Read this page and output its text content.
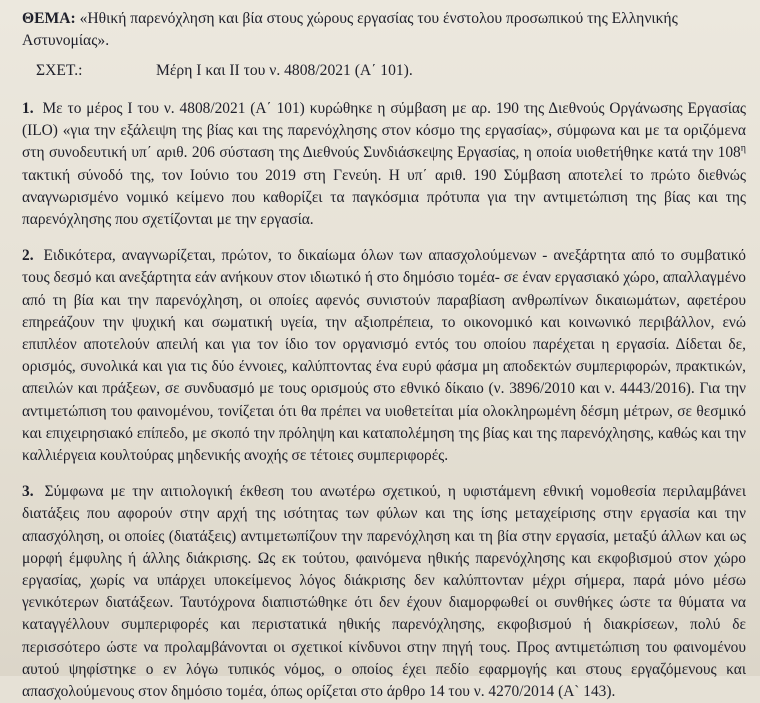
ΘΕΜΑ: «Ηθική παρενόχληση και βία στους χώρους εργασίας του ένστολου προσωπικού της Ελληνικής Αστυνομίας».

ΣΧΕΤ.:	Μέρη Ι και ΙΙ του ν. 4808/2021 (Α΄ 101).

1. Με το μέρος Ι του ν. 4808/2021 (Α΄ 101) κυρώθηκε η σύμβαση με αρ. 190 της Διεθνούς Οργάνωσης Εργασίας (ILO) «για την εξάλειψη της βίας και της παρενόχλησης στον κόσμο της εργασίας», σύμφωνα και με τα οριζόμενα στη συνοδευτική υπ΄ αριθ. 206 σύσταση της Διεθνούς Συνδιάσκεψης Εργασίας, η οποία υιοθετήθηκε κατά την $108^\eta$ τακτική σύνοδό της, τον Ιούνιο του 2019 στη Γενεύη. Η υπ΄ αριθ. 190 Σύμβαση αποτελεί το πρώτο διεθνώς αναγνωρισμένο νομικό κείμενο που καθορίζει τα παγκόσμια πρότυπα για την αντιμετώπιση της βίας και της παρενόχλησης που σχετίζονται με την εργασία.

2. Ειδικότερα, αναγνωρίζεται, πρώτον, το δικαίωμα όλων των απασχολούμενων - ανεξάρτητα από το συμβατικό τους δεσμό και ανεξάρτητα εάν ανήκουν στον ιδιωτικό ή στο δημόσιο τομέα- σε έναν εργασιακό χώρο, απαλλαγμένο από τη βία και την παρενόχληση, οι οποίες αφενός συνιστούν παραβίαση ανθρωπίνων δικαιωμάτων, αφετέρου επηρεάζουν την ψυχική και σωματική υγεία, την αξιοπρέπεια, το οικονομικό και κοινωνικό περιβάλλον, ενώ επιπλέον αποτελούν απειλή και για τον ίδιο τον οργανισμό εντός του οποίου παρέχεται η εργασία. Δίδεται δε, ορισμός, συνολικά και για τις δύο έννοιες, καλύπτοντας ένα ευρύ φάσμα μη αποδεκτών συμπεριφορών, πρακτικών, απειλών και πράξεων, σε συνδυασμό με τους ορισμούς στο εθνικό δίκαιο (ν. 3896/2010 και ν. 4443/2016). Για την αντιμετώπιση του φαινομένου, τονίζεται ότι θα πρέπει να υιοθετείται μία ολοκληρωμένη δέσμη μέτρων, σε θεσμικό και επιχειρησιακό επίπεδο, με σκοπό την πρόληψη και καταπολέμηση της βίας και της παρενόχλησης, καθώς και την καλλιέργεια κουλτούρας μηδενικής ανοχής σε τέτοιες συμπεριφορές.

3. Σύμφωνα με την αιτιολογική έκθεση του ανωτέρω σχετικού, η υφιστάμενη εθνική νομοθεσία περιλαμβάνει διατάξεις που αφορούν στην αρχή της ισότητας των φύλων και της ίσης μεταχείρισης στην εργασία και την απασχόληση, οι οποίες (διατάξεις) αντιμετωπίζουν την παρενόχληση και τη βία στην εργασία, μεταξύ άλλων και ως μορφή έμφυλης ή άλλης διάκρισης. Ως εκ τούτου, φαινόμενα ηθικής παρενόχλησης και εκφοβισμού στον χώρο εργασίας, χωρίς να υπάρχει υποκείμενος λόγος διάκρισης δεν καλύπτονταν μέχρι σήμερα, παρά μόνο μέσω γενικότερων διατάξεων. Ταυτόχρονα διαπιστώθηκε ότι δεν έχουν διαμορφωθεί οι συνθήκες ώστε τα θύματα να καταγγέλλουν συμπεριφορές και περιστατικά ηθικής παρενόχλησης, εκφοβισμού ή διακρίσεων, πολύ δε περισσότερο ώστε να προλαμβάνονται οι σχετικοί κίνδυνοι στην πηγή τους. Προς αντιμετώπιση του φαινομένου αυτού ψηφίστηκε ο εν λόγω τυπικός νόμος, ο οποίος έχει πεδίο εφαρμογής και στους εργαζόμενους και απασχολούμενους στον δημόσιο τομέα, όπως ορίζεται στο άρθρο 14 του ν. 4270/2014 (Α` 143).
